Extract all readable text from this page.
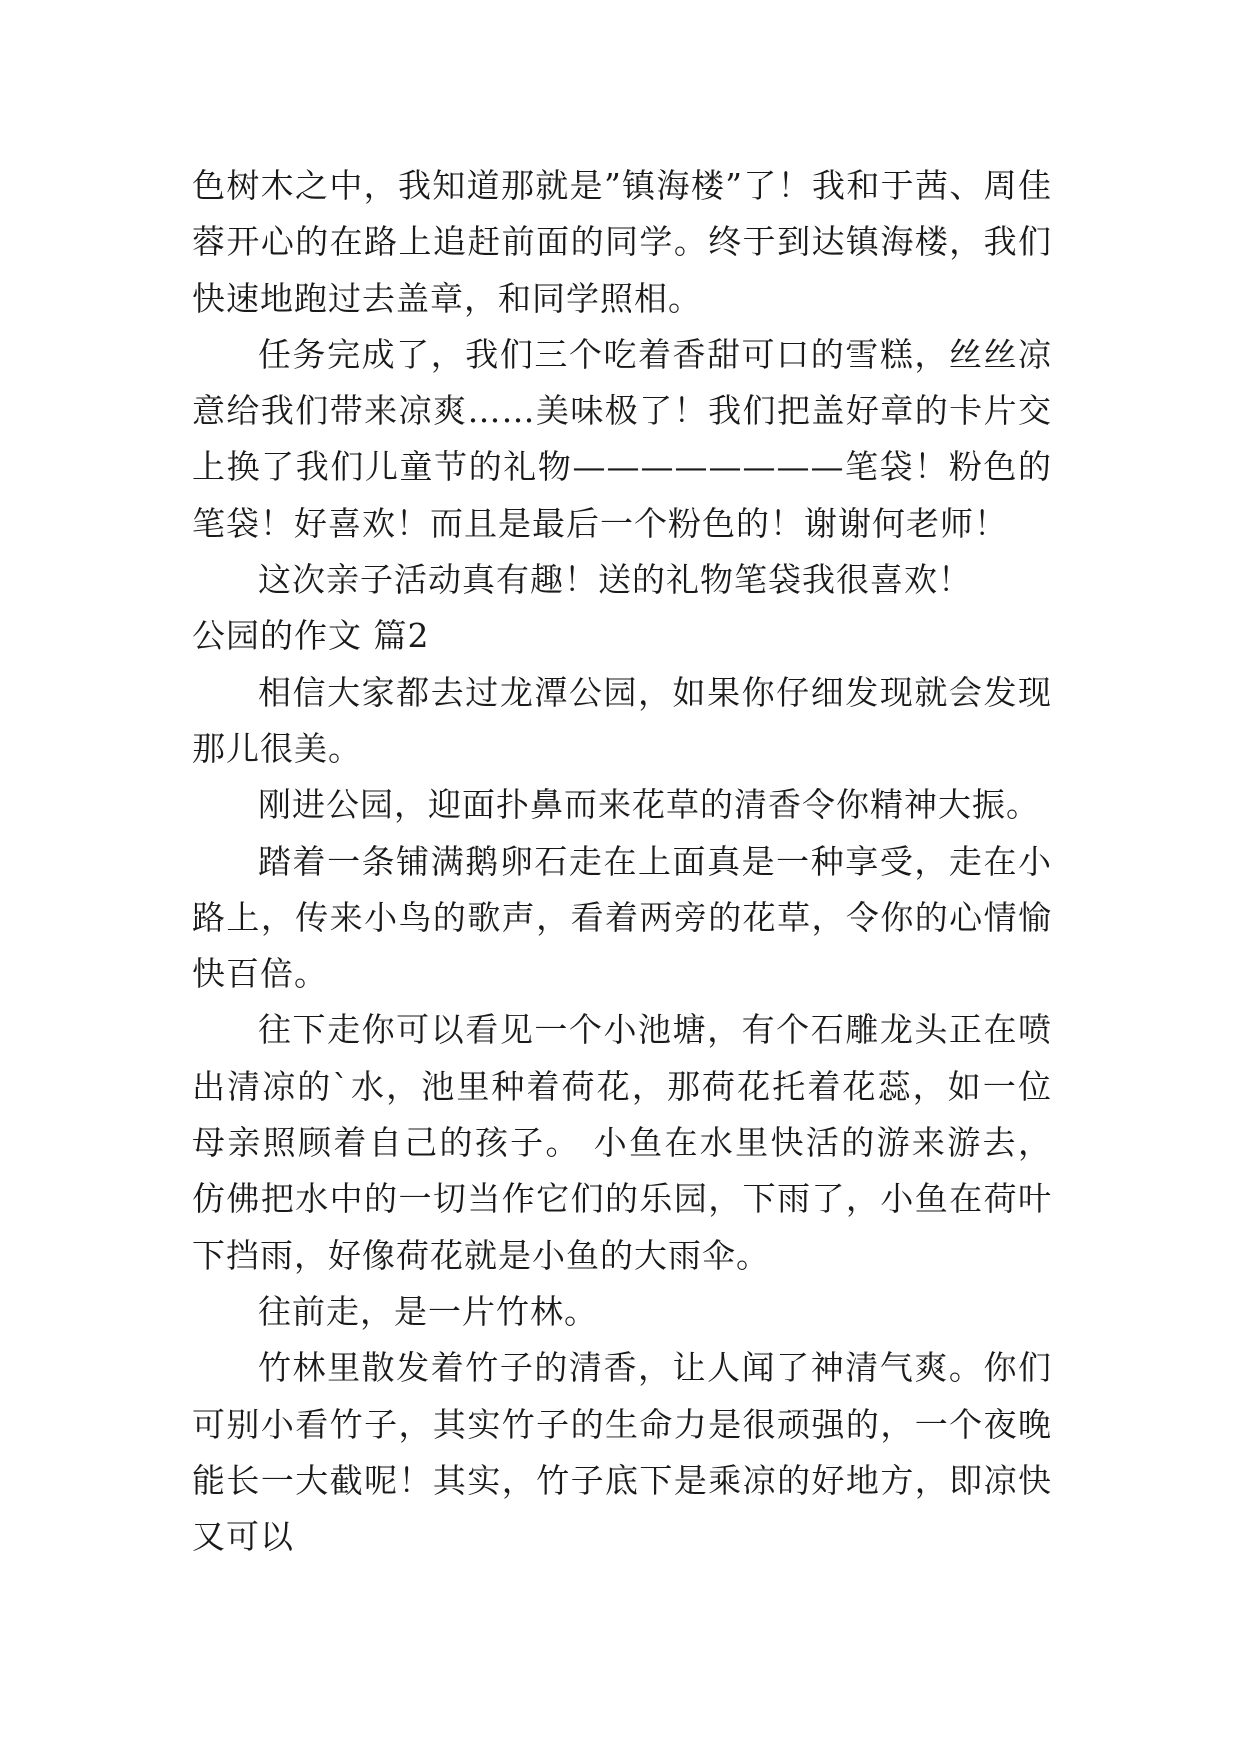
色树木之中，我知道那就是”镇海楼”了！我和于茜、周佳蓉开心的在路上追赶前面的同学。终于到达镇海楼，我们快速地跑过去盖章，和同学照相。

任务完成了，我们三个吃着香甜可口的雪糕，丝丝凉意给我们带来凉爽……美味极了！我们把盖好章的卡片交上换了我们儿童节的礼物————————笔袋！粉色的笔袋！好喜欢！而且是最后一个粉色的！谢谢何老师！

这次亲子活动真有趣！送的礼物笔袋我很喜欢！

公园的作文 篇2

相信大家都去过龙潭公园，如果你仔细发现就会发现那儿很美。

刚进公园，迎面扑鼻而来花草的清香令你精神大振。

踏着一条铺满鹅卵石走在上面真是一种享受，走在小路上，传来小鸟的歌声，看着两旁的花草，令你的心情愉快百倍。

往下走你可以看见一个小池塘，有个石雕龙头正在喷出清凉的`水，池里种着荷花，那荷花托着花蕊，如一位母亲照顾着自己的孩子。 小鱼在水里快活的游来游去，仿佛把水中的一切当作它们的乐园，下雨了，小鱼在荷叶下挡雨，好像荷花就是小鱼的大雨伞。

往前走，是一片竹林。

竹林里散发着竹子的清香，让人闻了神清气爽。你们可别小看竹子，其实竹子的生命力是很顽强的，一个夜晚能长一大截呢！其实，竹子底下是乘凉的好地方，即凉快又可以
